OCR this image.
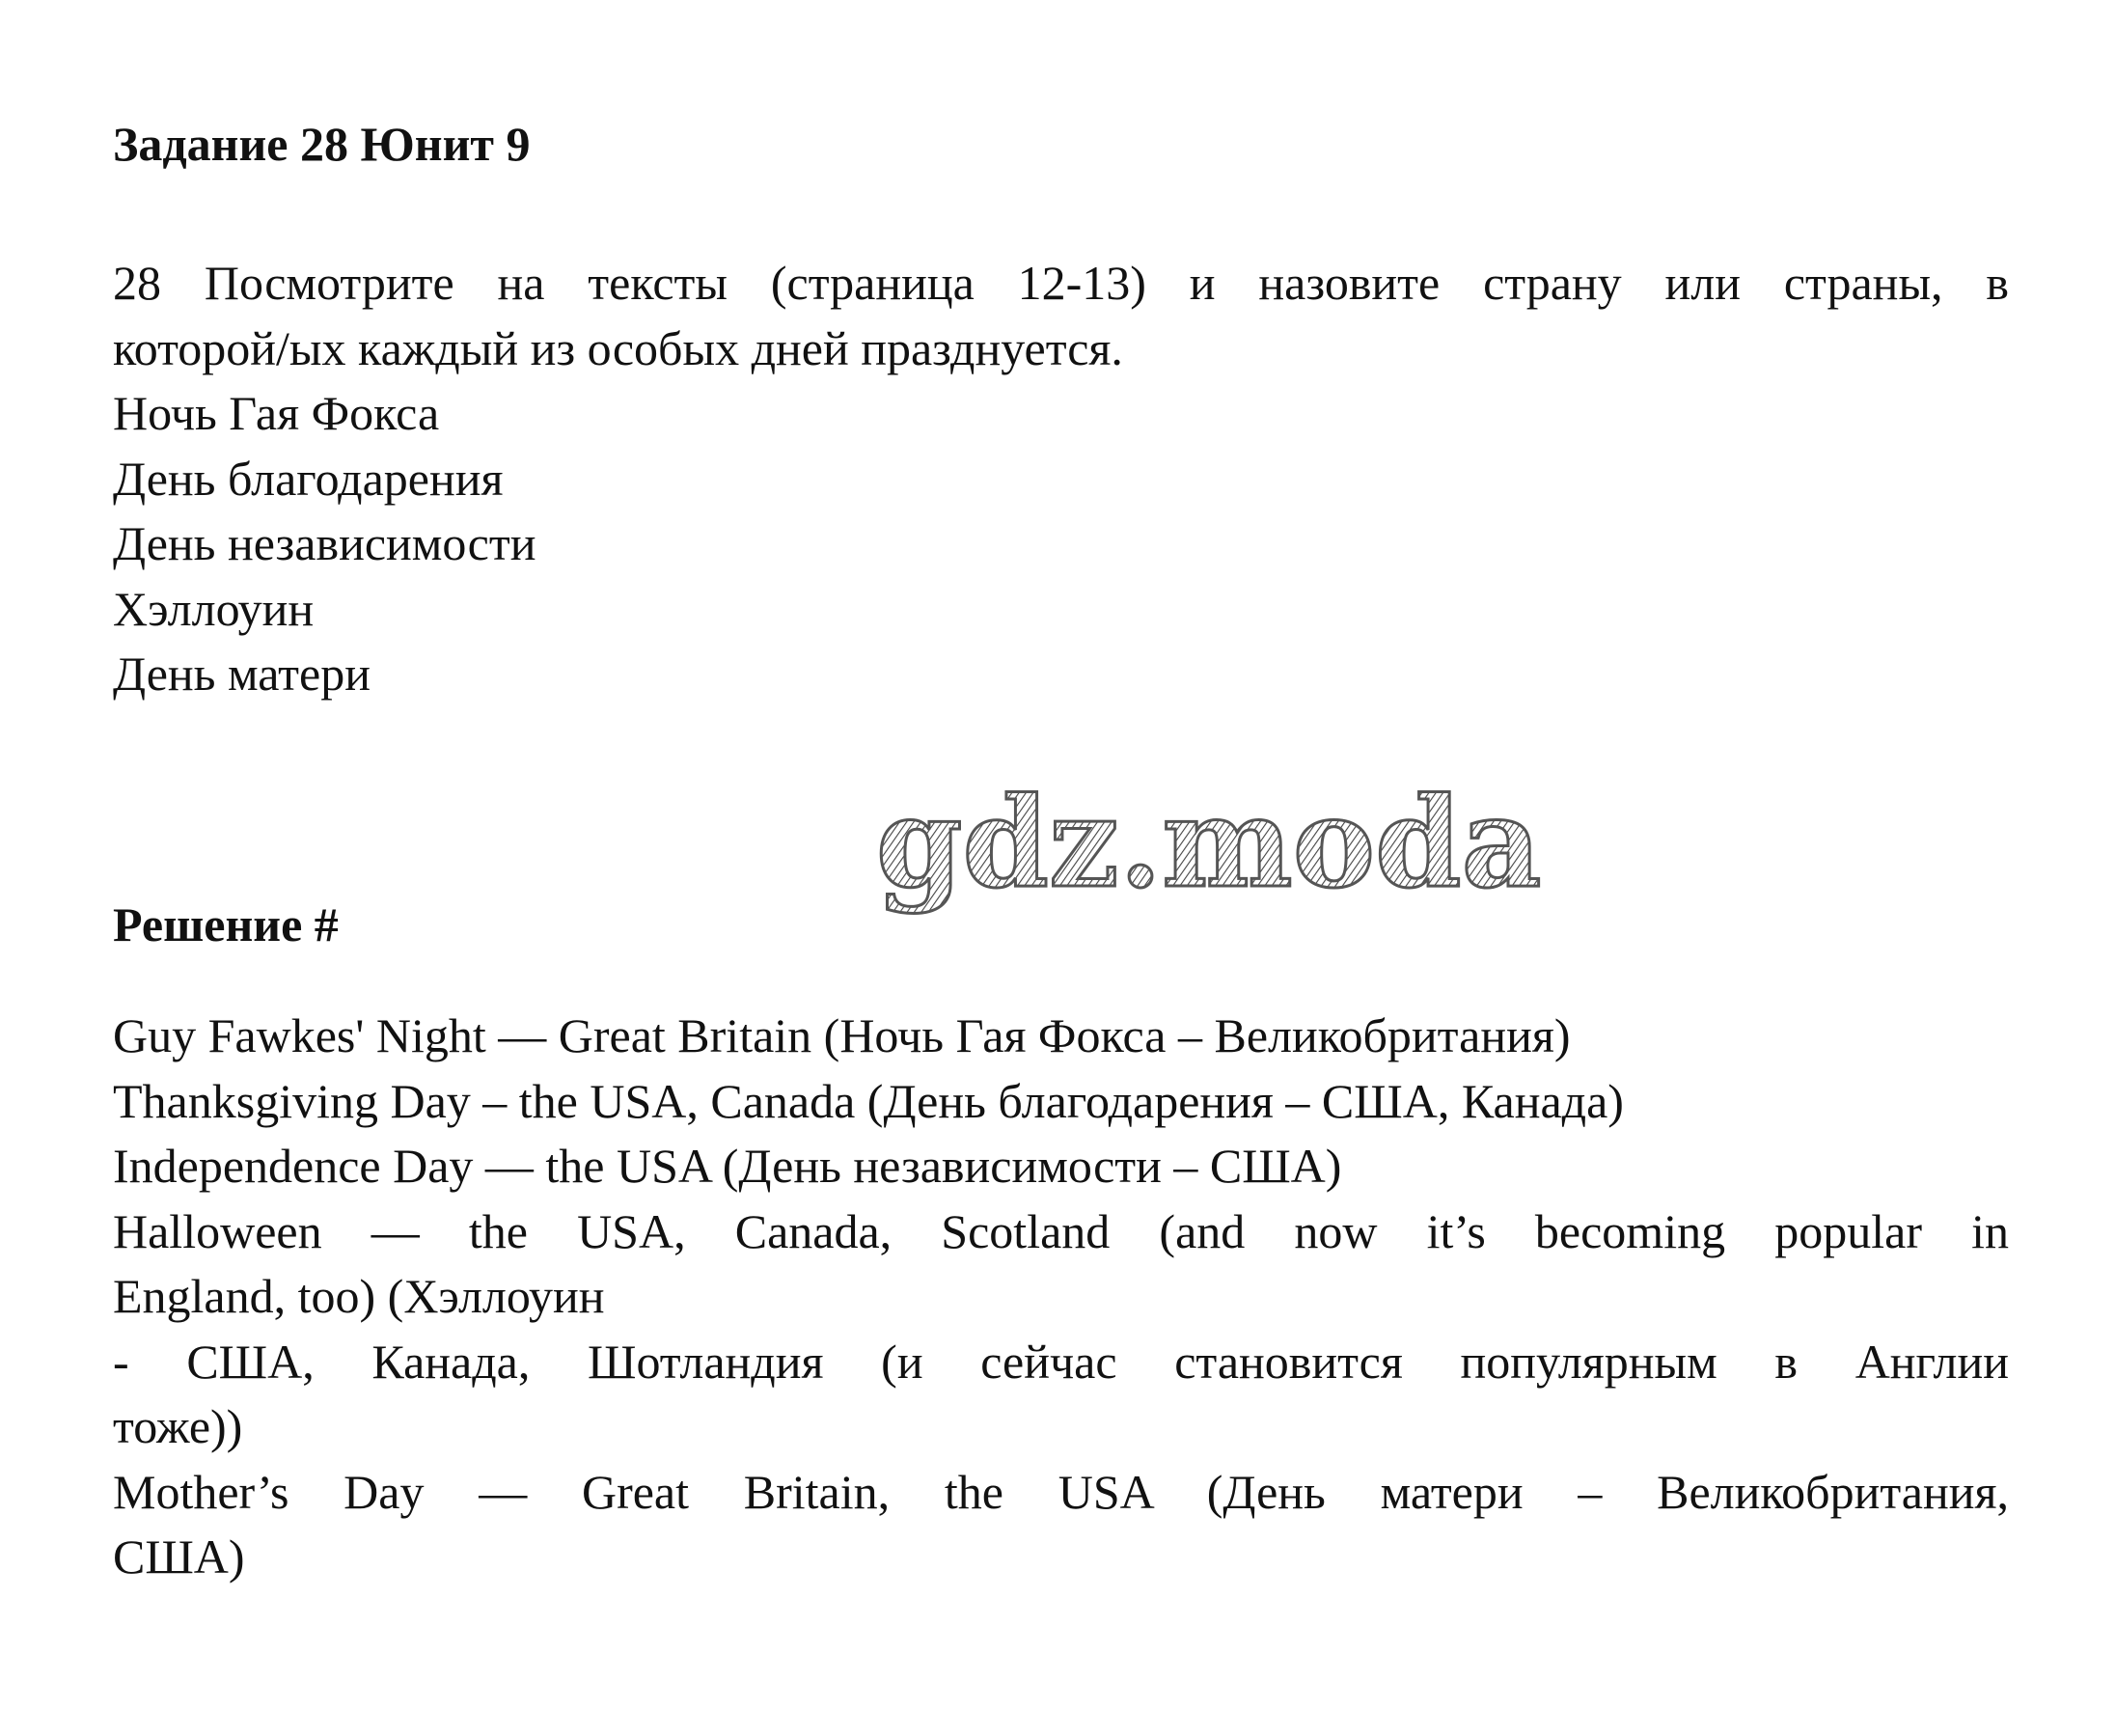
Задание 28 Юнит 9
28 Посмотрите на тексты (страница 12-13) и назовите страну или страны, в
которой/ых каждый из особых дней празднуется.
Ночь Гая Фокса
День благодарения
День независимости
Хэллоуин
День матери
gdz.moda
Решение #
Guy Fawkes' Night — Great Britain (Ночь Гая Фокса – Великобритания)
Thanksgiving Day – the USA, Canada (День благодарения – США, Канада)
Independence Day — the USA (День независимости – США)
Halloween — the USA, Canada, Scotland (and now it’s becoming popular in
England, too) (Хэллоуин
- США, Канада, Шотландия (и сейчас становится популярным в Англии
тоже))
Mother’s Day — Great Britain, the USA (День матери – Великобритания,
США)
